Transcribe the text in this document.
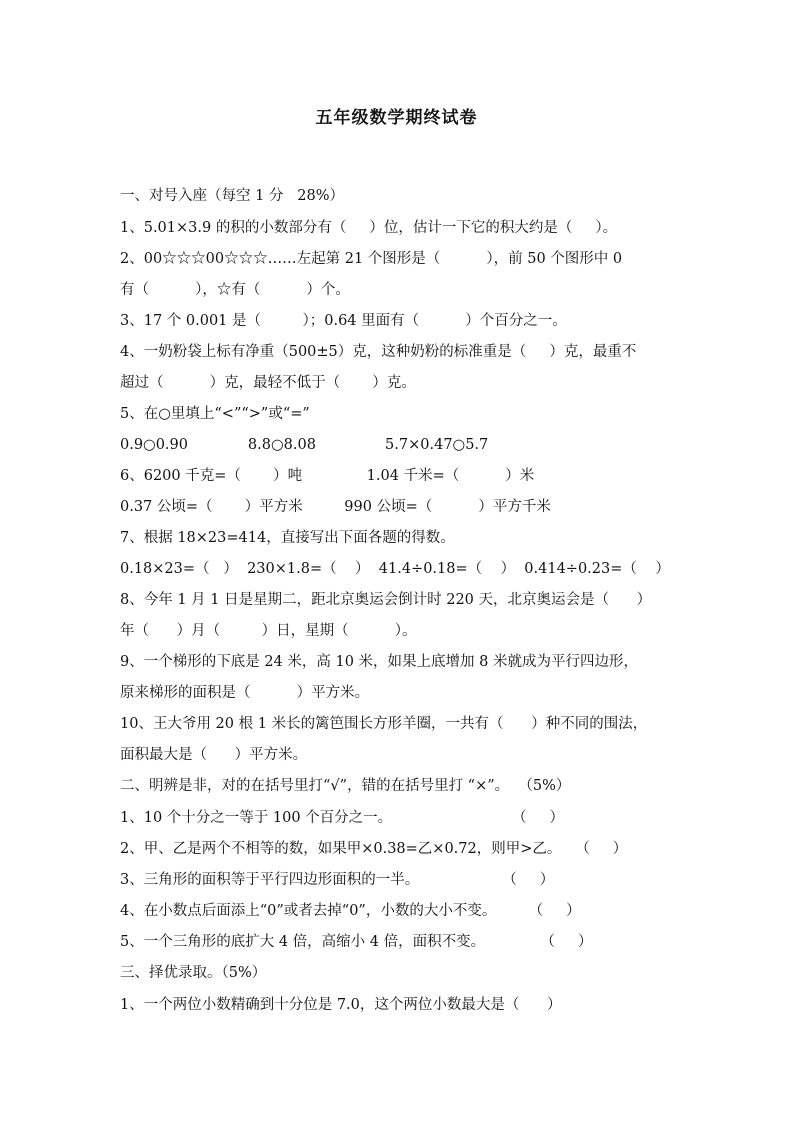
五年级数学期终试卷
一、对号入座（每空 1 分   28%）
1、5.01×3.9 的积的小数部分有（     ）位，估计一下它的积大约是（     ）。
2、00☆☆☆00☆☆☆……左起第 21 个图形是（          ），前 50 个图形中 0
有（          ），☆有（          ）个。
3、17 个 0.001 是（         ）；0.64 里面有（          ）个百分之一。
4、一奶粉袋上标有净重（500±5）克，这种奶粉的标准重是（     ）克，最重不
超过（          ）克，最轻不低于（       ）克。
5、在○里填上“<”“>”或“=”
0.9○0.90             8.8○8.08               5.7×0.47○5.7
6、6200 千克=（       ）吨              1.04 千米=（          ）米
0.37 公顷=（       ）平方米         990 公顷=（          ）平方千米
7、根据 18×23=414，直接写出下面各题的得数。
0.18×23=（   ）  230×1.8=（    ）  41.4÷0.18=（    ）  0.414÷0.23=（    ）
8、今年 1 月 1 日是星期二，距北京奥运会倒计时 220 天，北京奥运会是（      ）
年（      ）月（         ）日，星期（          ）。
9、一个梯形的下底是 24 米，高 10 米，如果上底增加 8 米就成为平行四边形，
原来梯形的面积是（          ）平方米。
10、王大爷用 20 根 1 米长的篱笆围长方形羊圈，一共有（      ）种不同的围法，
面积最大是（      ）平方米。
二、明辨是非，对的在括号里打“√”，错的在括号里打 “×”。  （5%）
1、10 个十分之一等于 100 个百分之一。                          （     ）
2、甲、乙是两个不相等的数，如果甲×0.38=乙×0.72，则甲>乙。   （     ）
3、三角形的面积等于平行四边形面积的一半。                  （     ）
4、在小数点后面添上“0”或者去掉“0”，小数的大小不变。       （     ）
5、一个三角形的底扩大 4 倍，高缩小 4 倍，面积不变。            （     ）
三、择优录取。（5%）
1、一个两位小数精确到十分位是 7.0，这个两位小数最大是（      ）
